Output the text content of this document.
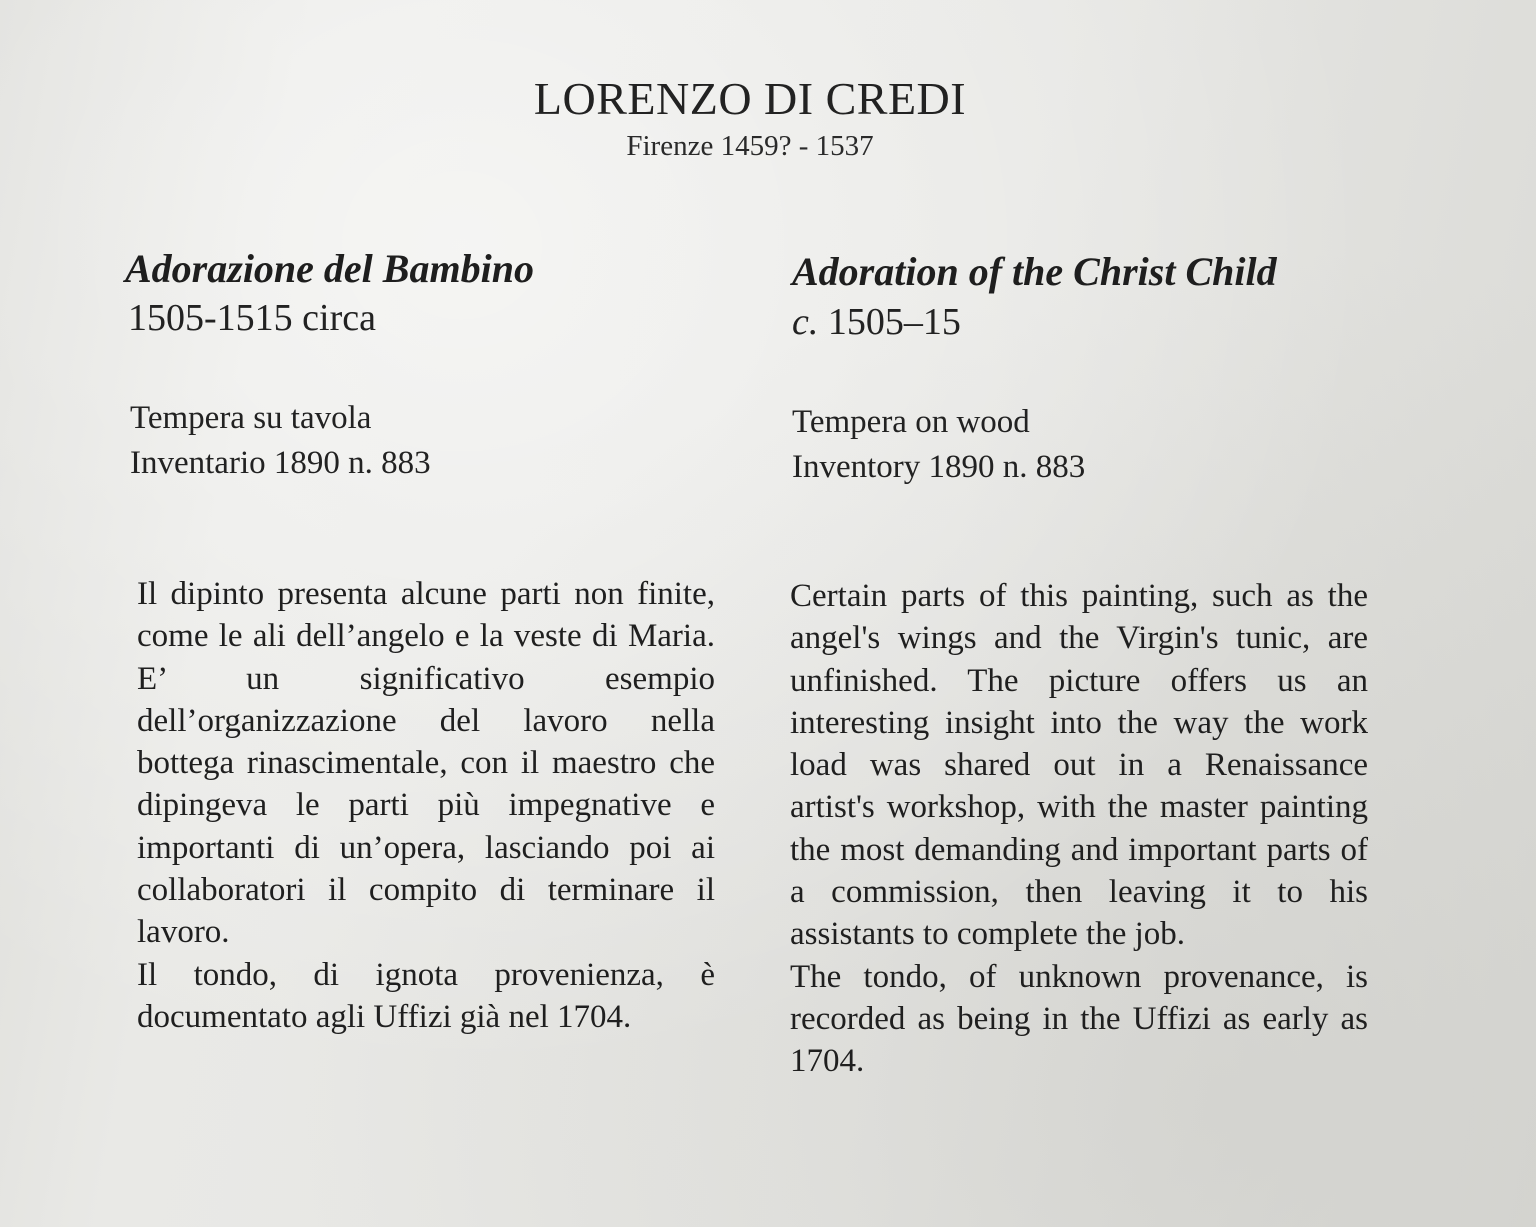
LORENZO DI CREDI
Firenze 1459? - 1537
Adorazione del Bambino
1505-1515 circa
Tempera su tavola
Inventario 1890 n. 883

Il dipinto presenta alcune parti non finite, come le ali dell’angelo e la veste di Maria. E’ un significativo esempio dell’organizzazione del lavoro nella bottega rinascimentale, con il maestro che dipingeva le parti più impegnative e importanti di un’opera, lasciando poi ai collaboratori il compito di terminare il lavoro.

Il tondo, di ignota provenienza, è documentato agli Uffizi già nel 1704.

Adoration of the Christ Child
c. 1505–15
Tempera on wood
Inventory 1890 n. 883

Certain parts of this painting, such as the angel's wings and the Virgin's tunic, are unfinished. The picture offers us an interesting insight into the way the work load was shared out in a Renaissance artist's workshop, with the master painting the most demanding and important parts of a commission, then leaving it to his assistants to complete the job.

The tondo, of unknown provenance, is recorded as being in the Uffizi as early as 1704.
